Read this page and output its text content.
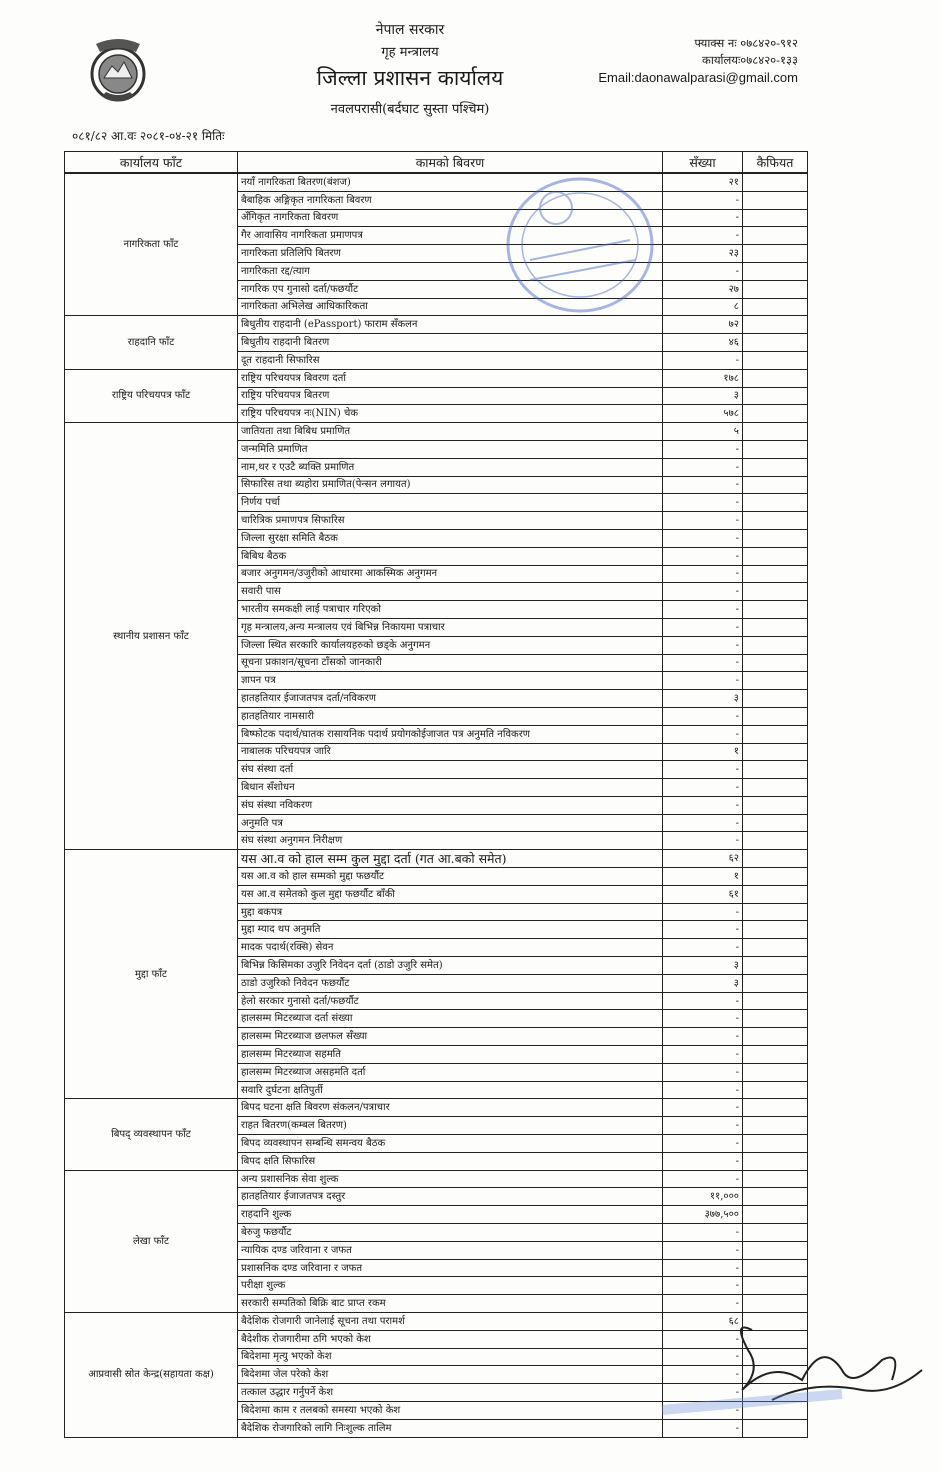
नेपाल सरकार
गृह मन्त्रालय
जिल्ला प्रशासन कार्यालय
नवलपरासी(बर्दघाट सुस्ता पश्चिम)
फ्याक्स नः ०७८४२०-९१२
कार्यालयः०७८४२०-१३३
Email:daonawalparasi@gmail.com
०८१/८२ आ.वः २०८१-०४-२१ मितिः
कार्यालय फाँट	कामको बिवरण	सँख्या	कैफियत
नागरिकता फाँट	नयाँ नागरिकता बितरण(बंशज)	२१	
	बैबाहिक अङ्गिकृत नागरिकता बिवरण	-	
	अँगिकृत नागरिकता बिवरण	-	
	गैर आवासिय नागरिकता प्रमाणपत्र	-	
	नागरिकता प्रतिलिपि बितरण	२३	
	नागरिकता रद्द/त्याग	-	
	नागरिक एप गुनासो दर्ता/फछर्यौट	२७	
	नागरिकता अभिलेख आधिकारिकता	८	
राहदानि फाँट	बिधुतीय राहदानी (ePassport) फाराम सँकलन	७२	
	बिधुतीय राहदानी बितरण	४६	
	दूत राहदानी सिफारिस	-	
राष्ट्रिय परिचयपत्र फाँट	राष्ट्रिय परिचयपत्र बिवरण दर्ता	१७८	
	राष्ट्रिय परिचयपत्र बितरण	३	
	राष्ट्रिय परिचयपत्र नः(NIN) चेक	५७८	
स्थानीय प्रशासन फाँट	जातियता तथा बिबिध प्रमाणित	५	
	जन्ममिति प्रमाणित	-	
	नाम,थर र एउटै ब्यक्ति प्रमाणित	-	
	सिफारिस तथा ब्यहोरा प्रमाणित(पेन्सन लगायत)	-	
	निर्णय पर्चा	-	
	चारित्रिक प्रमाणपत्र सिफारिस	-	
	जिल्ला सुरक्षा समिति बैठक	-	
	बिबिध बैठक	-	
	बजार अनुगमन/उजुरीको आधारमा आकस्मिक अनुगमन	-	
	सवारी पास	-	
	भारतीय समकक्षी लाई पत्राचार गरिएको	-	
	गृह मन्त्रालय,अन्य मन्त्रालय एवं बिभिन्न निकायमा पत्राचार	-	
	जिल्ला स्थित सरकारि कार्यालयहरुको छड्के अनुगमन	-	
	सूचना प्रकाशन/सूचना टाँसको जानकारी	-	
	ज्ञापन पत्र	-	
	हातहतियार ईजाजतपत्र दर्ता/नविकरण	३	
	हातहतियार नामसारी	-	
	बिष्फोटक पदार्थ/घातक रासायनिक पदार्थ प्रयोगकोईजाजत पत्र अनुमति नविकरण	-	
	नाबालक परिचयपत्र जारि	१	
	संघ संस्था दर्ता	-	
	बिधान सँशोधन	-	
	संघ संस्था नविकरण	-	
	अनुमति पत्र	-	
	संघ संस्था अनुगमन निरीक्षण	-	
मुद्दा फाँट	यस आ.व को हाल सम्म कुल मुद्दा दर्ता (गत आ.बको समेत)	६२	
	यस आ.व को हाल सम्मको मुद्दा फछर्यौट	१	
	यस आ.व समेतको कुल मुद्दा फछर्यौट बाँकी	६१	
	मुद्दा बकपत्र	-	
	मुद्दा म्याद थप अनुमति	-	
	मादक पदार्थ(रक्सि) सेवन	-	
	बिभिन्न किसिमका उजुरि निवेदन दर्ता (ठाडो उजुरि समेत)	३	
	ठाडो उजुरिको निवेदन फछर्यौट	३	
	हेलो सरकार गुनासो दर्ता/फछर्यौट	-	
	हालसम्म मिटरब्याज दर्ता संख्या	-	
	हालसम्म मिटरब्याज छलफल सँख्या	-	
	हालसम्म मिटरब्याज सहमति	-	
	हालसम्म मिटरब्याज असहमति दर्ता	-	
	सवारि दुर्घटना क्षतिपुर्ती	-	
बिपद् व्यवस्थापन फाँट	बिपद घटना क्षति बिवरण संकलन/पत्राचार	-	
	राहत बितरण(कम्बल बितरण)	-	
	बिपद व्यवस्थापन सम्बन्धि समन्वय बैठक	-	
	बिपद क्षति सिफारिस	-	
लेखा फाँट	अन्य प्रशासनिक सेवा शुल्क	-	
	हातहतियार ईजाजतपत्र दस्तुर	११,०००	
	राहदानि शुल्क	३७७,५००	
	बेरुजु फछर्यौट	-	
	न्यायिक दण्ड जरिवाना र जफत	-	
	प्रशासनिक दण्ड जरिवाना र जफत	-	
	परीक्षा शुल्क	-	
	सरकारी सम्पतिको बिक्रि बाट प्राप्त रकम	-	
आप्रवासी स्रोत केन्द्र(सहायता कक्ष)	बैदेशिक रोजगारी जानेलाई सूचना तथा परामर्श	६८	
	बैदेशीक रोजगारीमा ठगि भएको केश	-	
	बिदेशमा मृत्यु भएको केश	-	
	बिदेशमा जेल परेको केश	-	
	तत्काल उद्धार गर्नुपर्ने केश	-	
	बिदेशमा काम र तलबको समस्या भएको केश	-	
	बैदेशिक रोजगारिको लागि निःशुल्क तालिम	-	
